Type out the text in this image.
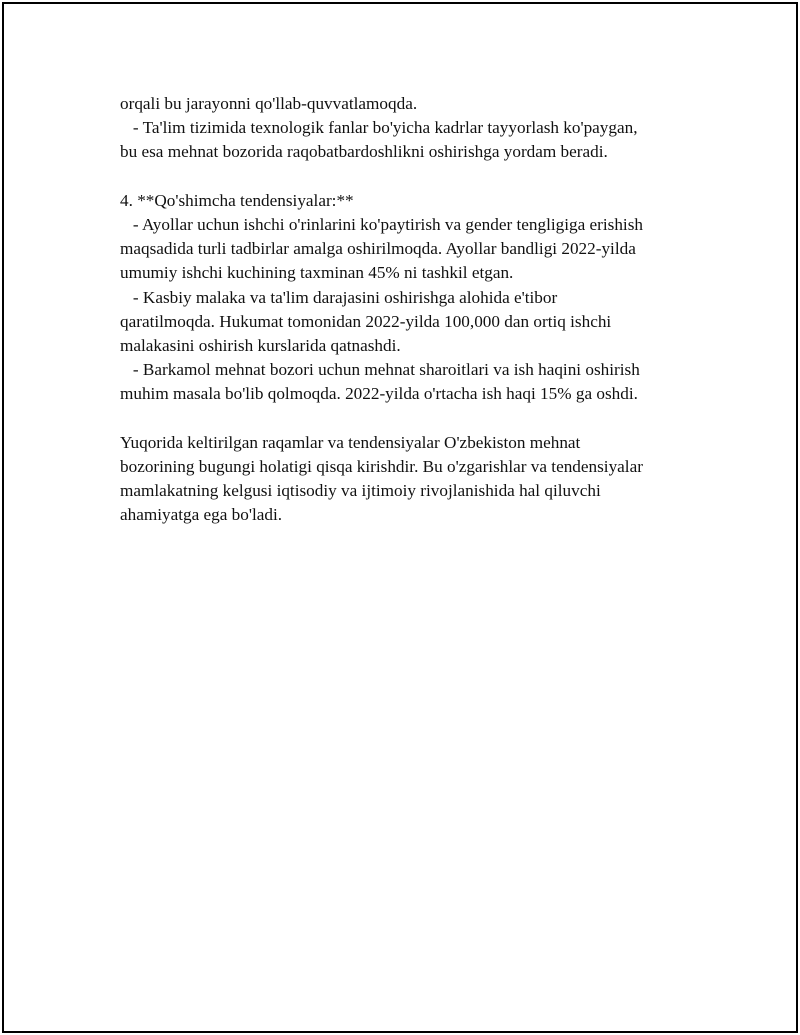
orqali bu jarayonni qo'llab-quvvatlamoqda.
- Ta'lim tizimida texnologik fanlar bo'yicha kadrlar tayyorlash ko'paygan,
bu esa mehnat bozorida raqobatbardoshlikni oshirishga yordam beradi.
4. **Qo'shimcha tendensiyalar:**
- Ayollar uchun ishchi o'rinlarini ko'paytirish va gender tengligiga erishish
maqsadida turli tadbirlar amalga oshirilmoqda. Ayollar bandligi 2022-yilda
umumiy ishchi kuchining taxminan 45% ni tashkil etgan.
- Kasbiy malaka va ta'lim darajasini oshirishga alohida e'tibor
qaratilmoqda. Hukumat tomonidan 2022-yilda 100,000 dan ortiq ishchi
malakasini oshirish kurslarida qatnashdi.
- Barkamol mehnat bozori uchun mehnat sharoitlari va ish haqini oshirish
muhim masala bo'lib qolmoqda. 2022-yilda o'rtacha ish haqi 15% ga oshdi.
Yuqorida keltirilgan raqamlar va tendensiyalar O'zbekiston mehnat
bozorining bugungi holatigi qisqa kirishdir. Bu o'zgarishlar va tendensiyalar
mamlakatning kelgusi iqtisodiy va ijtimoiy rivojlanishida hal qiluvchi
ahamiyatga ega bo'ladi.
